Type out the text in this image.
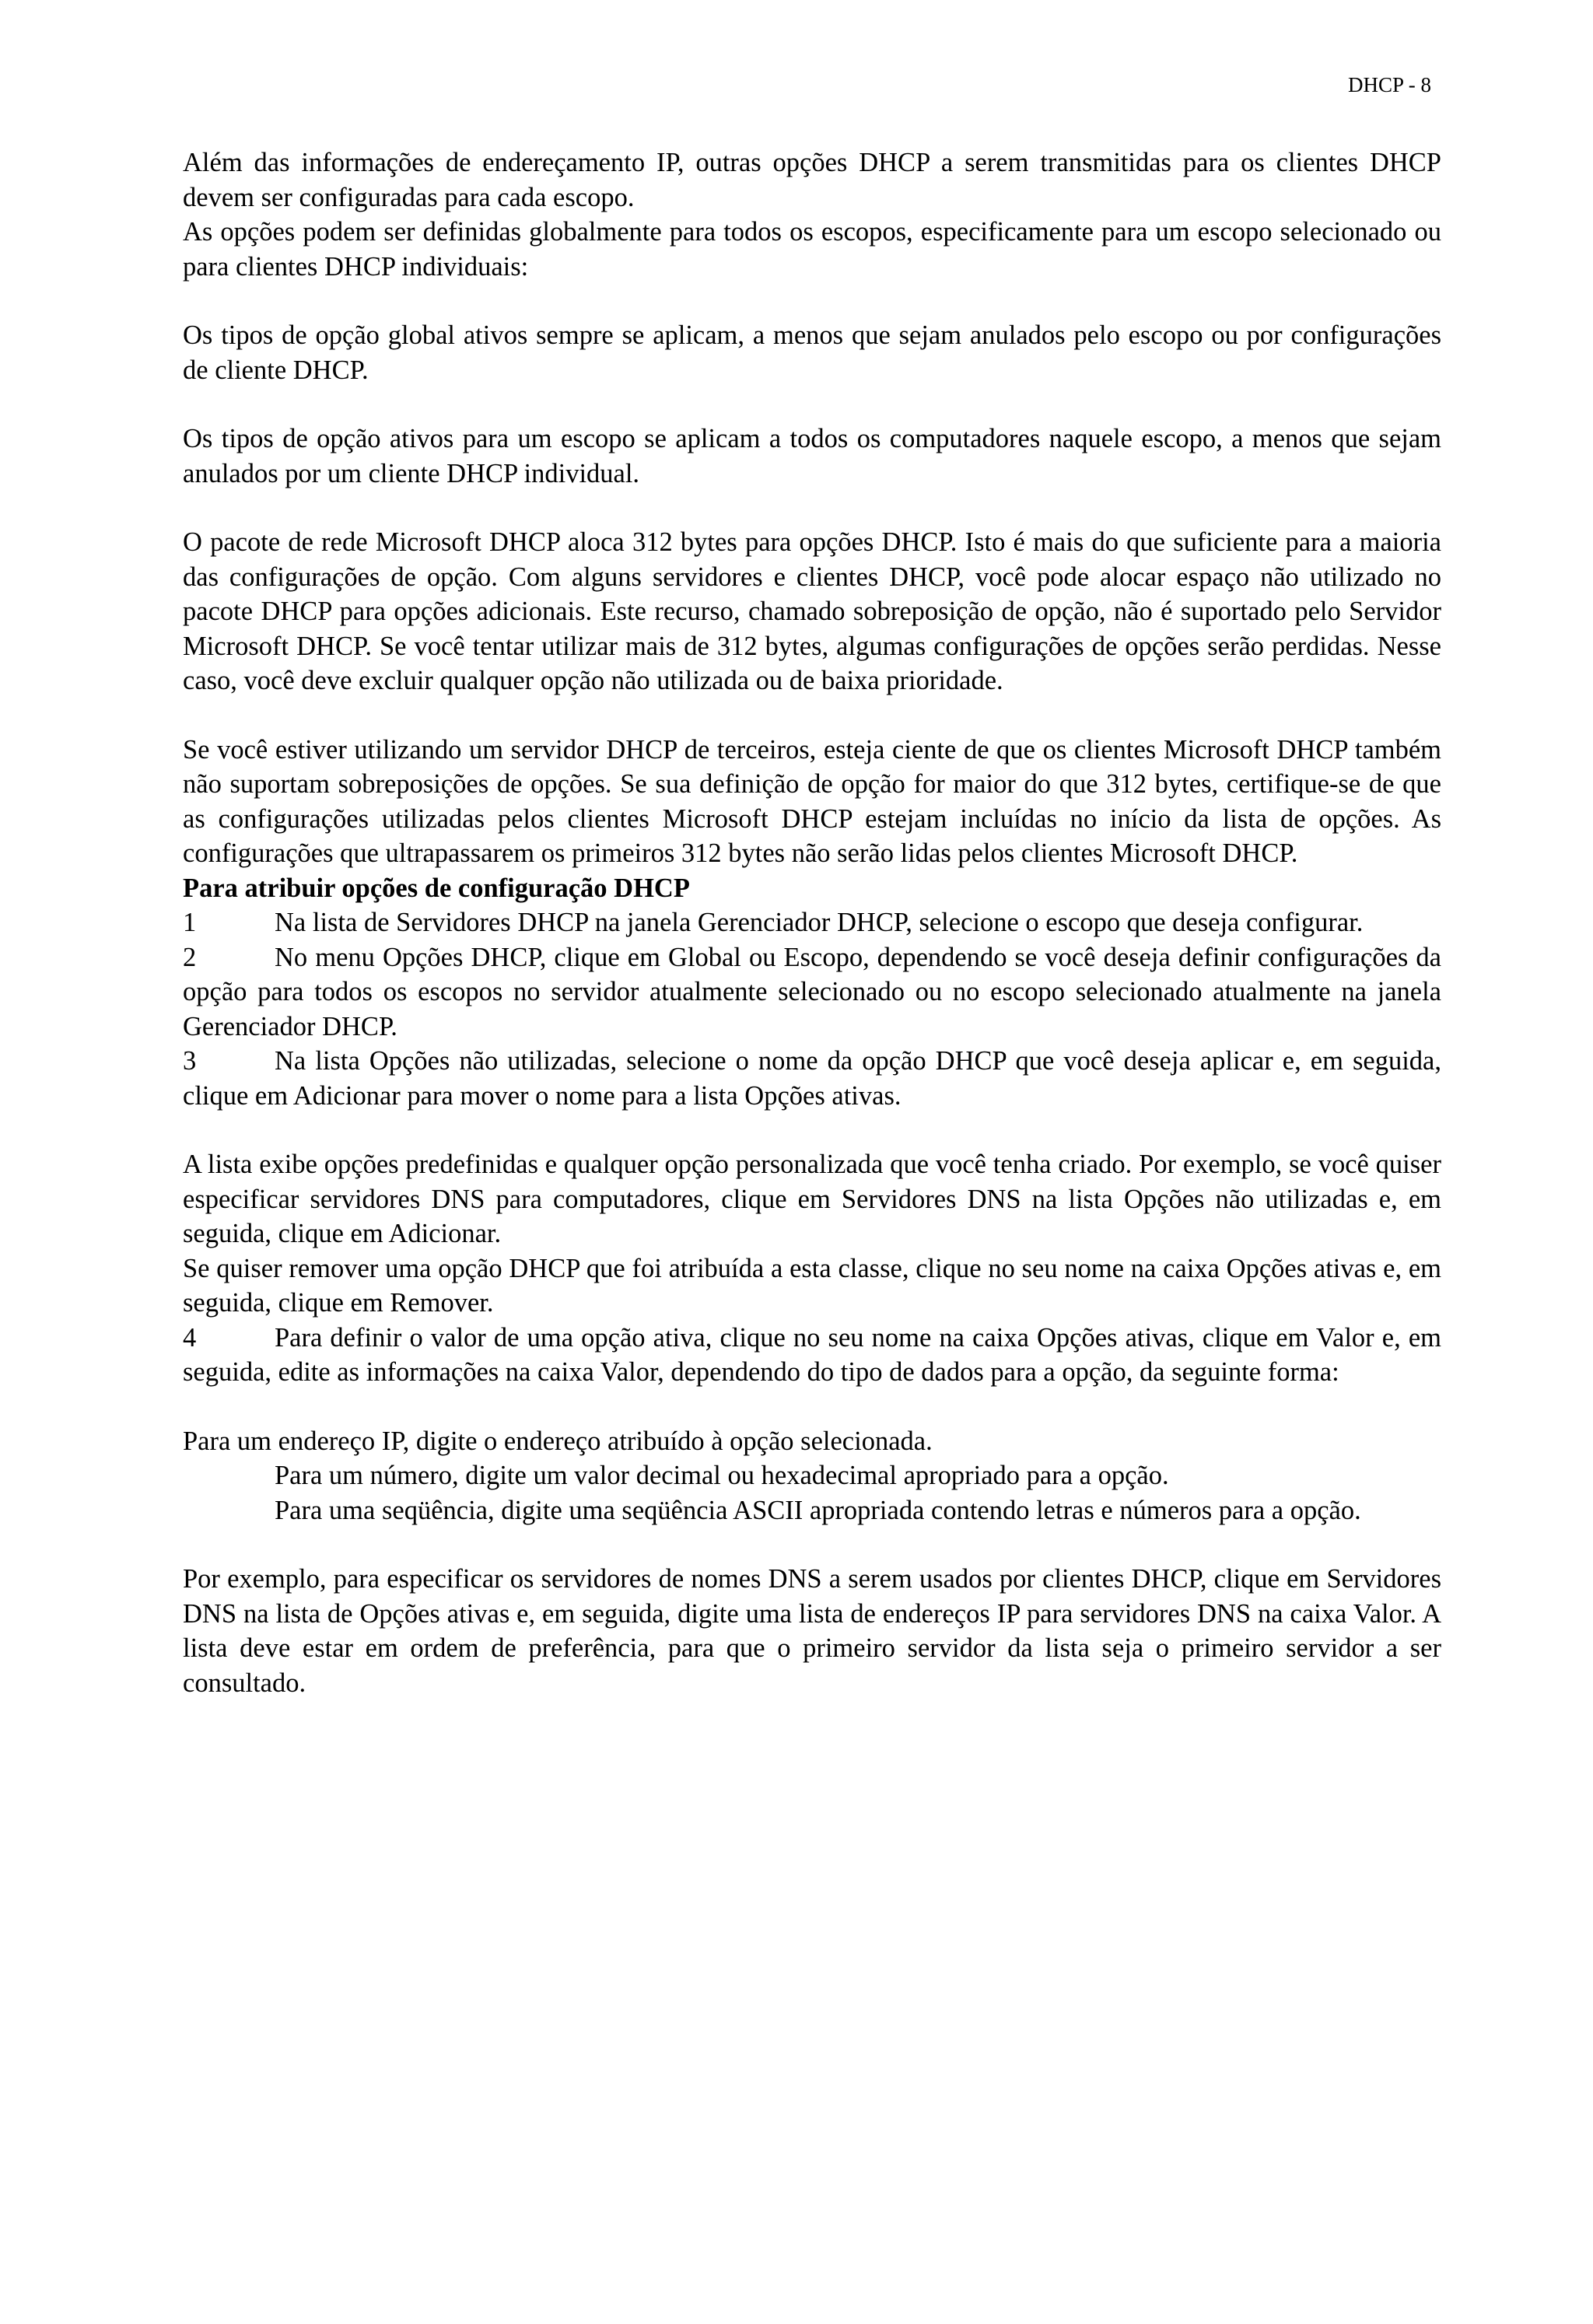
DHCP - 8

Além das informações de endereçamento IP, outras opções DHCP a serem transmitidas para os clientes DHCP devem ser configuradas para cada escopo.

As opções podem ser definidas globalmente para todos os escopos, especificamente para um escopo selecionado ou para clientes DHCP individuais:

Os tipos de opção global ativos sempre se aplicam, a menos que sejam anulados pelo escopo ou por configurações de cliente DHCP.

Os tipos de opção ativos para um escopo se aplicam a todos os computadores naquele escopo, a menos que sejam anulados por um cliente DHCP individual.

O pacote de rede Microsoft DHCP aloca 312 bytes para opções DHCP. Isto é mais do que suficiente para a maioria das configurações de opção. Com alguns servidores e clientes DHCP, você pode alocar espaço não utilizado no pacote DHCP para opções adicionais. Este recurso, chamado sobreposição de opção, não é suportado pelo Servidor Microsoft DHCP. Se você tentar utilizar mais de 312 bytes, algumas configurações de opções serão perdidas. Nesse caso, você deve excluir qualquer opção não utilizada ou de baixa prioridade.

Se você estiver utilizando um servidor DHCP de terceiros, esteja ciente de que os clientes Microsoft DHCP também não suportam sobreposições de opções. Se sua definição de opção for maior do que 312 bytes, certifique-se de que as configurações utilizadas pelos clientes Microsoft DHCP estejam incluídas no início da lista de opções. As configurações que ultrapassarem os primeiros 312 bytes não serão lidas pelos clientes Microsoft DHCP.

Para atribuir opções de configuração DHCP

1	Na lista de Servidores DHCP na janela Gerenciador DHCP, selecione o escopo que deseja configurar.

2	No menu Opções DHCP, clique em Global ou Escopo, dependendo se você deseja definir configurações da opção para todos os escopos no servidor atualmente selecionado ou no escopo selecionado atualmente na janela Gerenciador DHCP.

3	Na lista Opções não utilizadas, selecione o nome da opção DHCP que você deseja aplicar e, em seguida, clique em Adicionar para mover o nome para a lista Opções ativas.

A lista exibe opções predefinidas e qualquer opção personalizada que você tenha criado. Por exemplo, se você quiser especificar servidores DNS para computadores, clique em Servidores DNS na lista Opções não utilizadas e, em seguida, clique em Adicionar.

Se quiser remover uma opção DHCP que foi atribuída a esta classe, clique no seu nome na caixa Opções ativas e, em seguida, clique em Remover.

4	Para definir o valor de uma opção ativa, clique no seu nome na caixa Opções ativas, clique em Valor e, em seguida, edite as informações na caixa Valor, dependendo do tipo de dados para a opção, da seguinte forma:

Para um endereço IP, digite o endereço atribuído à opção selecionada.

Para um número, digite um valor decimal ou hexadecimal apropriado para a opção.

Para uma seqüência, digite uma seqüência ASCII apropriada contendo letras e números para a opção.

Por exemplo, para especificar os servidores de nomes DNS a serem usados por clientes DHCP, clique em Servidores DNS na lista de Opções ativas e, em seguida, digite uma lista de endereços IP para servidores DNS na caixa Valor. A lista deve estar em ordem de preferência, para que o primeiro servidor da lista seja o primeiro servidor a ser consultado.
